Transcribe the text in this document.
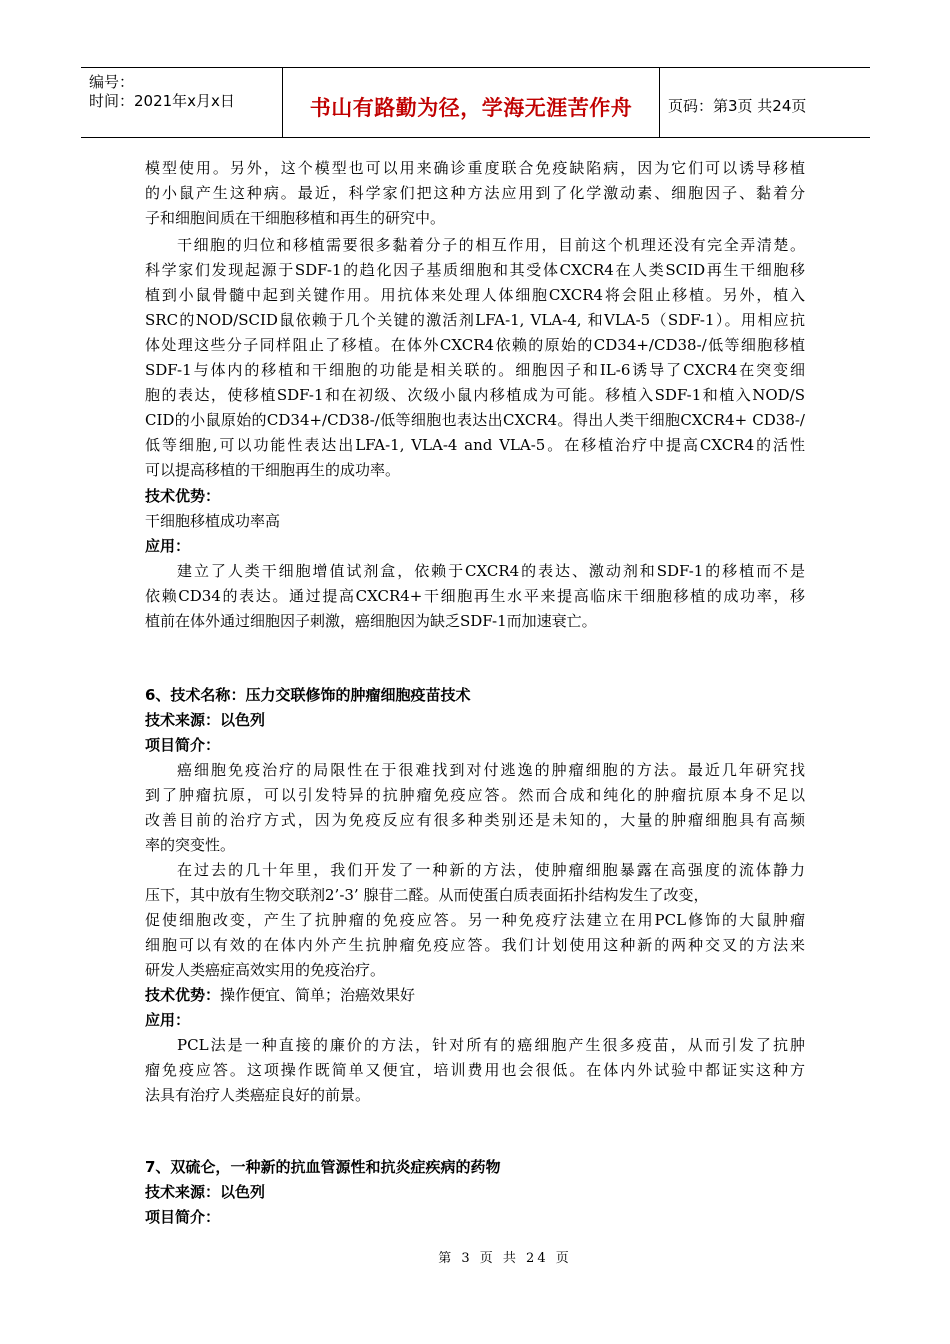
编号：
时间：2021年x月x日	书山有路勤为径，学海无涯苦作舟	页码：第3页 共24页
模型使用。另外，这个模型也可以用来确诊重度联合免疫缺陷病，因为它们可以诱导移植
的小鼠产生这种病。最近，科学家们把这种方法应用到了化学激动素、细胞因子、黏着分
子和细胞间质在干细胞移植和再生的研究中。
干细胞的归位和移植需要很多黏着分子的相互作用，目前这个机理还没有完全弄清楚。
科学家们发现起源于SDF-1的趋化因子基质细胞和其受体CXCR4在人类SCID再生干细胞移
植到小鼠骨髓中起到关键作用。用抗体来处理人体细胞CXCR4将会阻止移植。另外，植入
SRC的NOD/SCID鼠依赖于几个关键的激活剂LFA-1, VLA-4, 和VLA-5（SDF-1）。用相应抗
体处理这些分子同样阻止了移植。在体外CXCR4依赖的原始的CD34+/CD38-/低等细胞移植
SDF-1与体内的移植和干细胞的功能是相关联的。细胞因子和IL-6诱导了CXCR4在突变细
胞的表达，使移植SDF-1和在初级、次级小鼠内移植成为可能。移植入SDF-1和植入NOD/S
CID的小鼠原始的CD34+/CD38-/低等细胞也表达出CXCR4。得出人类干细胞CXCR4+ CD38-/
低等细胞,可以功能性表达出LFA-1, VLA-4 and VLA-5。在移植治疗中提高CXCR4的活性
可以提高移植的干细胞再生的成功率。
技术优势：
干细胞移植成功率高
应用：
建立了人类干细胞增值试剂盒，依赖于CXCR4的表达、激动剂和SDF-1的移植而不是
依赖CD34的表达。通过提高CXCR4+干细胞再生水平来提高临床干细胞移植的成功率，移
植前在体外通过细胞因子刺激，癌细胞因为缺乏SDF-1而加速衰亡。
6、技术名称：压力交联修饰的肿瘤细胞疫苗技术
技术来源：以色列
项目简介：
癌细胞免疫治疗的局限性在于很难找到对付逃逸的肿瘤细胞的方法。最近几年研究找
到了肿瘤抗原，可以引发特异的抗肿瘤免疫应答。然而合成和纯化的肿瘤抗原本身不足以
改善目前的治疗方式，因为免疫反应有很多种类别还是未知的，大量的肿瘤细胞具有高频
率的突变性。
在过去的几十年里，我们开发了一种新的方法，使肿瘤细胞暴露在高强度的流体静力
压下，其中放有生物交联剂2’-3’ 腺苷二醛。从而使蛋白质表面拓扑结构发生了改变，
促使细胞改变，产生了抗肿瘤的免疫应答。另一种免疫疗法建立在用PCL修饰的大鼠肿瘤
细胞可以有效的在体内外产生抗肿瘤免疫应答。我们计划使用这种新的两种交叉的方法来
研发人类癌症高效实用的免疫治疗。
技术优势：操作便宜、简单；治癌效果好
应用：
PCL法是一种直接的廉价的方法，针对所有的癌细胞产生很多疫苗，从而引发了抗肿
瘤免疫应答。这项操作既简单又便宜，培训费用也会很低。在体内外试验中都证实这种方
法具有治疗人类癌症良好的前景。
7、双硫仑，一种新的抗血管源性和抗炎症疾病的药物
技术来源：以色列
项目简介：
第 3 页 共 24 页
